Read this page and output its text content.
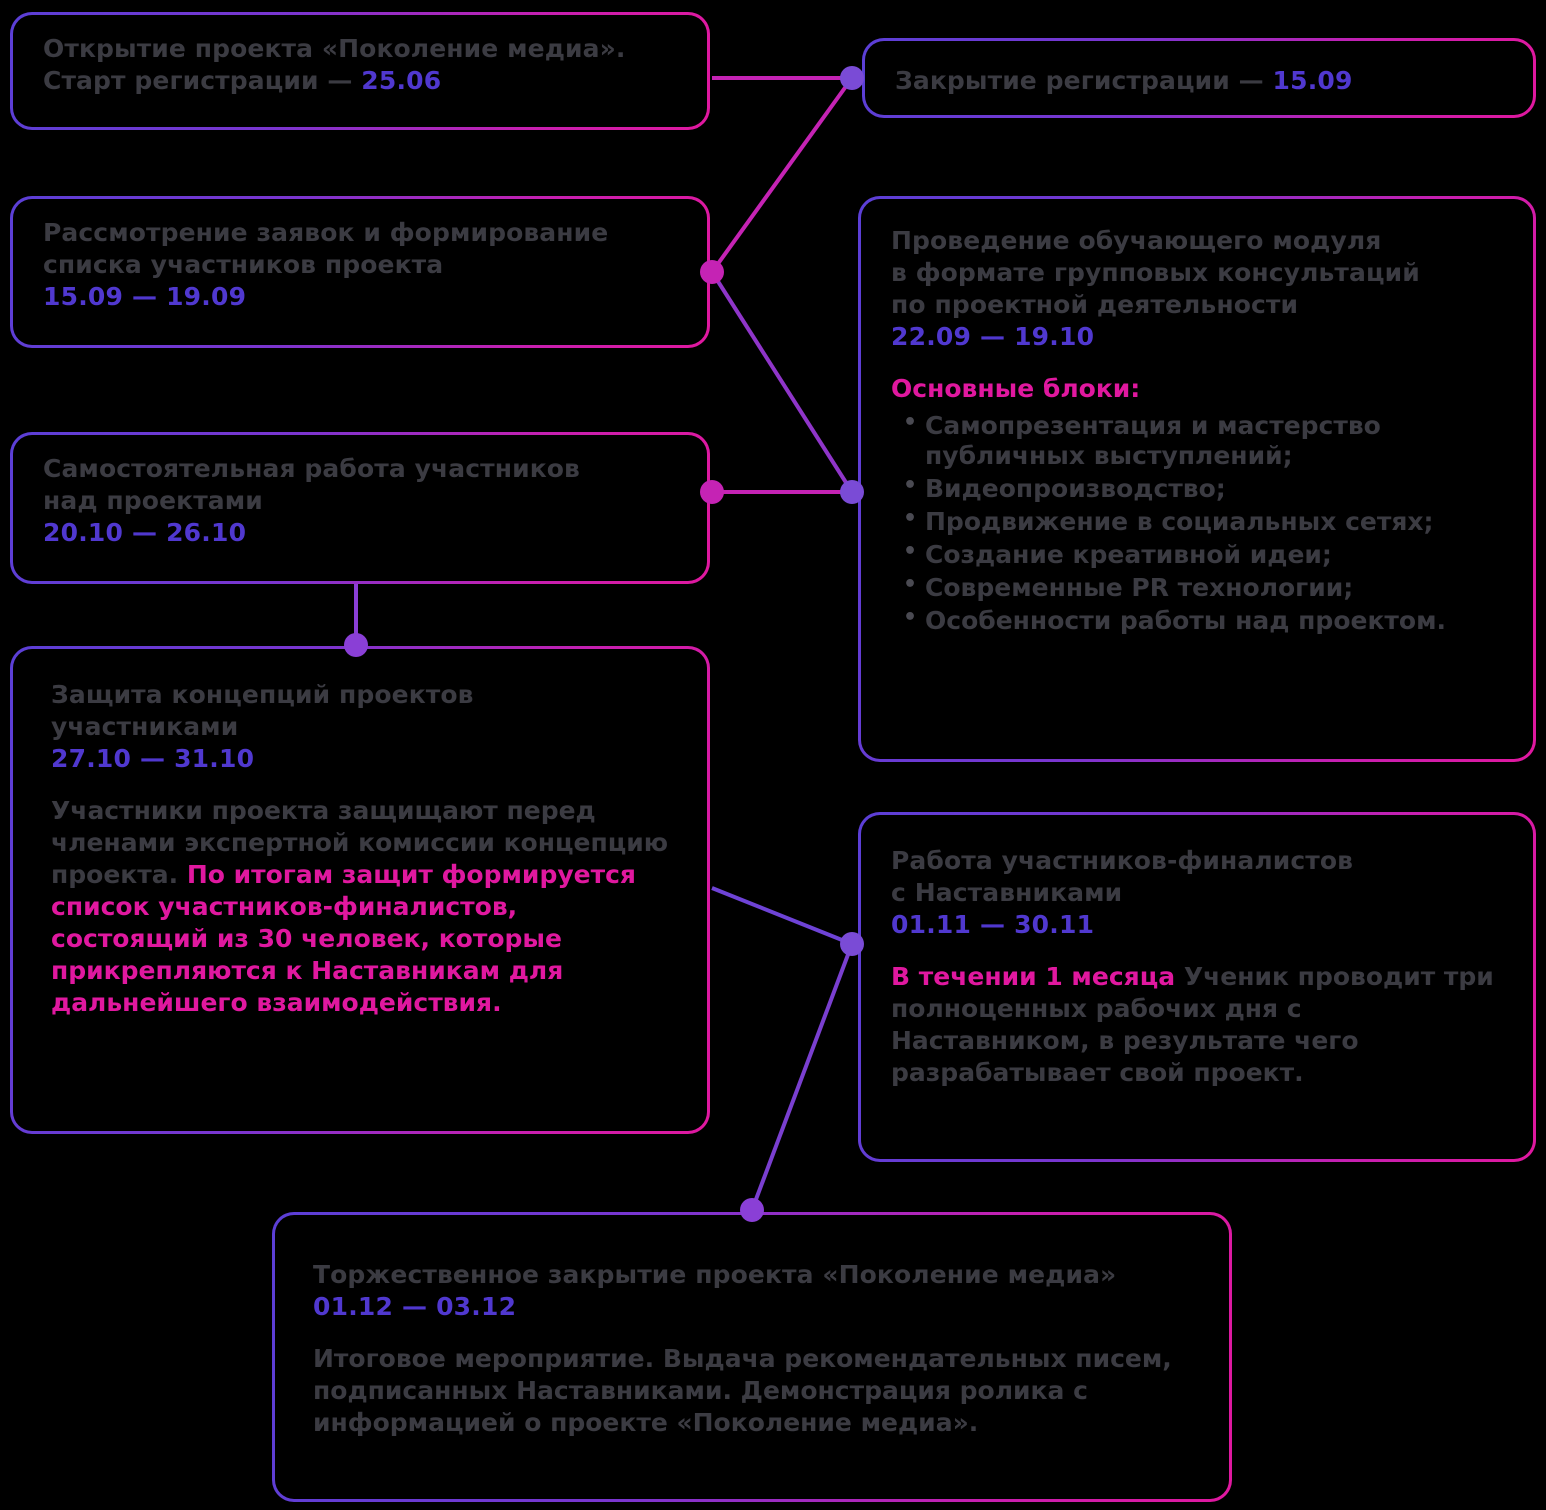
Открытие проекта «Поколение медиа».
Старт регистрации — 25.06	Закрытие регистрации — 15.09
Рассмотрение заявок и формирование
списка участников проекта
15.09 — 19.09
Проведение обучающего модуля
в формате групповых консультаций
по проектной деятельности
22.09 — 19.10
Основные блоки:
• Самопрезентация и мастерство публичных выступлений;
• Видеопроизводство;
• Продвижение в социальных сетях;
• Создание креативной идеи;
• Современные PR технологии;
• Особенности работы над проектом.
Самостоятельная работа участников
над проектами
20.10 — 26.10
Защита концепций проектов
участниками
27.10 — 31.10
Участники проекта защищают перед членами экспертной комиссии концепцию проекта. По итогам защит формируется список участников-финалистов, состоящий из 30 человек, которые прикрепляются к Наставникам для дальнейшего взаимодействия.
Работа участников-финалистов
с Наставниками
01.11 — 30.11
В течении 1 месяца Ученик проводит три полноценных рабочих дня с Наставником, в результате чего разрабатывает свой проект.
Торжественное закрытие проекта «Поколение медиа»
01.12 — 03.12
Итоговое мероприятие. Выдача рекомендательных писем, подписанных Наставниками. Демонстрация ролика с информацией о проекте «Поколение медиа».
